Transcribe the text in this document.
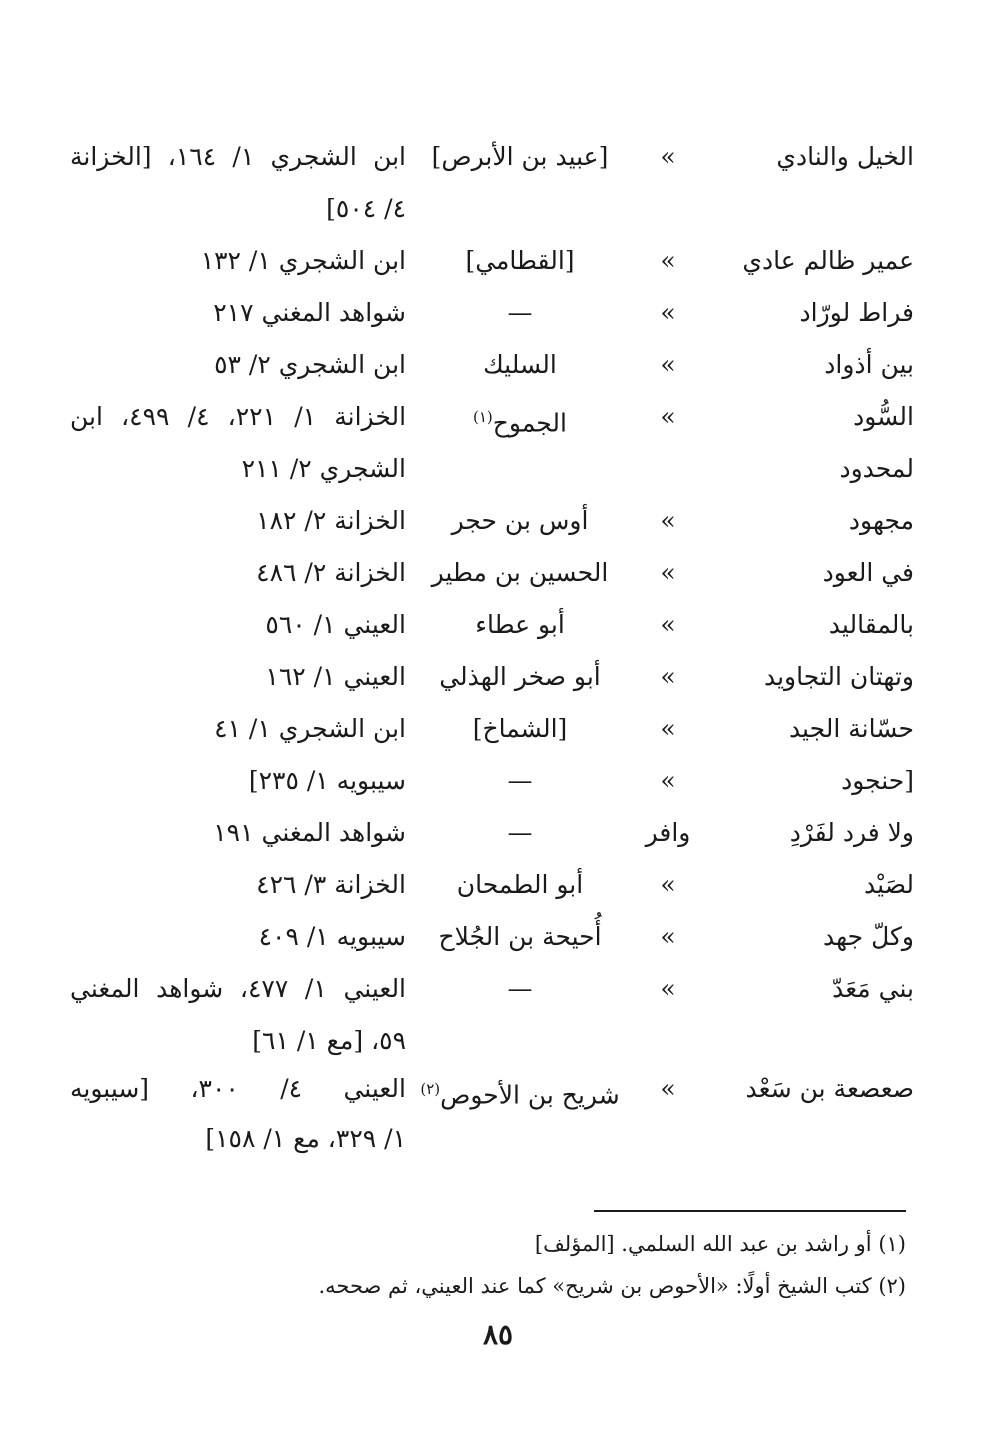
الخيل والنادي
»
[عبيد بن الأبرص]
ابن الشجري ١/ ١٦٤، [الخزانة
٤/ ٥٠٤]
عمير ظالم عادي
»
[القطامي]
ابن الشجري ١/ ١٣٢
فراط لورّاد
»
—
شواهد المغني ٢١٧
بين أذواد
»
السليك
ابن الشجري ٢/ ٥٣
السُّود
»
الجموح$^{(١)}$
الخزانة ١/ ٢٢١، ٤/ ٤٩٩، ابن
لمحدود
الشجري ٢/ ٢١١
مجهود
»
أوس بن حجر
الخزانة ٢/ ١٨٢
في العود
»
الحسين بن مطير
الخزانة ٢/ ٤٨٦
بالمقاليد
»
أبو عطاء
العيني ١/ ٥٦٠
وتهتان التجاويد
»
أبو صخر الهذلي
العيني ١/ ١٦٢
حسّانة الجيد
»
[الشماخ]
ابن الشجري ١/ ٤١
[حنجود
»
—
سيبويه ١/ ٢٣٥]
ولا فرد لفَرْدِ
وافر
—
شواهد المغني ١٩١
لصَيْد
»
أبو الطمحان
الخزانة ٣/ ٤٢٦
وكلّ جهد
»
أُحيحة بن الجُلاح
سيبويه ١/ ٤٠٩
بني مَعَدّ
»
—
العيني ١/ ٤٧٧، شواهد المغني
٥٩، [مع ١/ ٦١]
صعصعة بن سَعْد
»
شريح بن الأحوص$^{(٢)}$
العيني ٤/ ٣٠٠، [سيبويه
١/ ٣٢٩، مع ١/ ١٥٨]
(١) أو راشد بن عبد الله السلمي. [المؤلف]
(٢) كتب الشيخ أولًا: «الأحوص بن شريح» كما عند العيني، ثم صححه.
٨٥
